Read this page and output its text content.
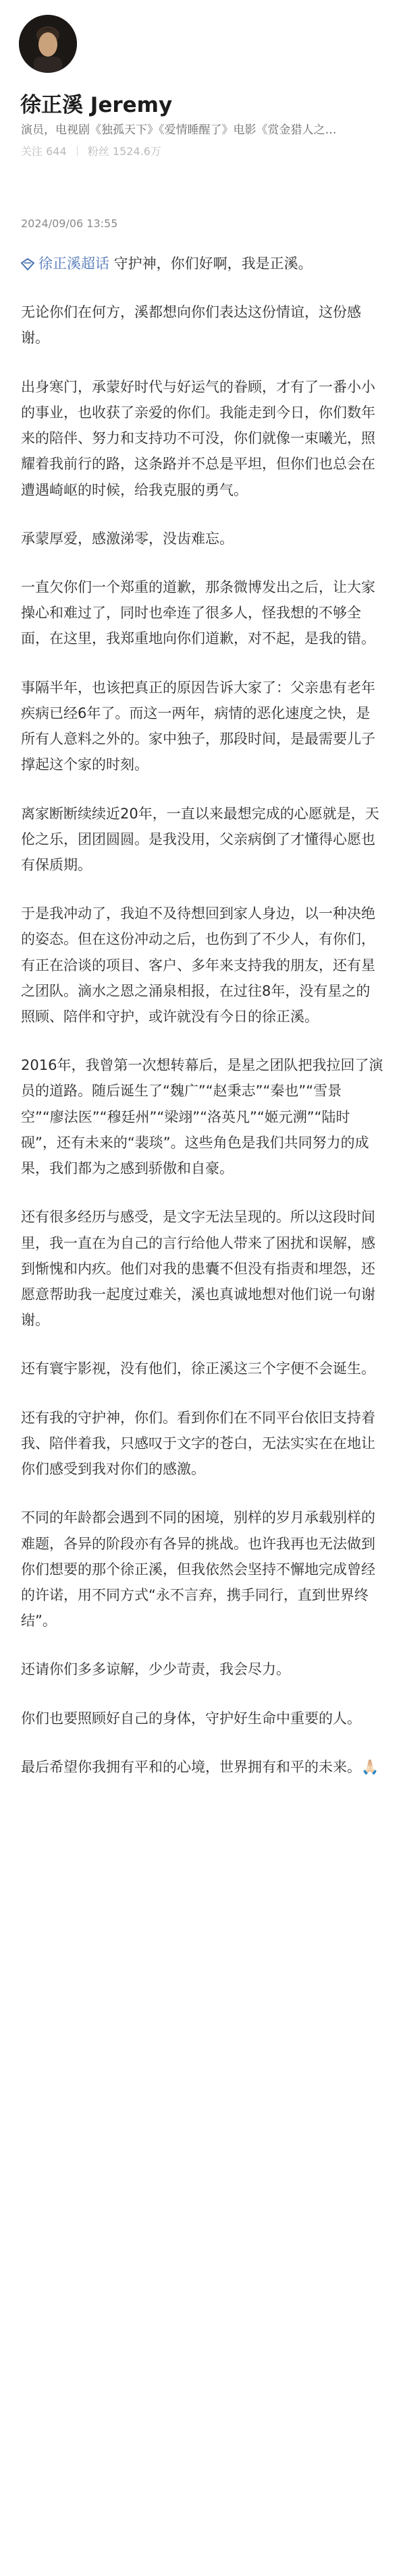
徐正溪 Jeremy
演员，电视剧《独孤天下》《爱情睡醒了》电影《赏金猎人之…
关注 644 粉丝 1524.6万
2024/09/06 13:55
徐正溪超话 守护神，你们好啊，我是正溪。

无论你们在何方，溪都想向你们表达这份情谊，这份感谢。

出身寒门，承蒙好时代与好运气的眷顾，才有了一番小小的事业，也收获了亲爱的你们。我能走到今日，你们数年来的陪伴、努力和支持功不可没，你们就像一束曦光，照耀着我前行的路，这条路并不总是平坦，但你们也总会在遭遇崎岖的时候，给我克服的勇气。

承蒙厚爱，感激涕零，没齿难忘。

一直欠你们一个郑重的道歉，那条微博发出之后，让大家操心和难过了，同时也牵连了很多人，怪我想的不够全面，在这里，我郑重地向你们道歉，对不起，是我的错。

事隔半年，也该把真正的原因告诉大家了：父亲患有老年疾病已经6年了。而这一两年，病情的恶化速度之快，是所有人意料之外的。家中独子，那段时间，是最需要儿子撑起这个家的时刻。

离家断断续续近20年，一直以来最想完成的心愿就是，天伦之乐，团团圆圆。是我没用，父亲病倒了才懂得心愿也有保质期。

于是我冲动了，我迫不及待想回到家人身边，以一种决绝的姿态。但在这份冲动之后，也伤到了不少人，有你们，有正在洽谈的项目、客户、多年来支持我的朋友，还有星之团队。滴水之恩之涌泉相报，在过往8年，没有星之的照顾、陪伴和守护，或许就没有今日的徐正溪。

2016年，我曾第一次想转幕后，是星之团队把我拉回了演员的道路。随后诞生了“魏广”“赵秉志”“秦也”“雪景空”“廖法医”“穆廷州”“梁翊”“洛英凡”“姬元溯”“陆时砚”，还有未来的“裴琰”。这些角色是我们共同努力的成果，我们都为之感到骄傲和自豪。

还有很多经历与感受，是文字无法呈现的。所以这段时间里，我一直在为自己的言行给他人带来了困扰和误解，感到惭愧和内疚。他们对我的患囊不但没有指责和埋怨，还愿意帮助我一起度过难关，溪也真诚地想对他们说一句谢谢。

还有寰宇影视，没有他们，徐正溪这三个字便不会诞生。

还有我的守护神，你们。看到你们在不同平台依旧支持着我、陪伴着我，只感叹于文字的苍白，无法实实在在地让你们感受到我对你们的感激。

不同的年龄都会遇到不同的困境，别样的岁月承载别样的难题，各异的阶段亦有各异的挑战。也许我再也无法做到你们想要的那个徐正溪，但我依然会坚持不懈地完成曾经的许诺，用不同方式“永不言弃，携手同行，直到世界终结”。

还请你们多多谅解，少少苛责，我会尽力。

你们也要照顾好自己的身体，守护好生命中重要的人。

最后希望你我拥有平和的心境，世界拥有和平的未来。🙏🏻
